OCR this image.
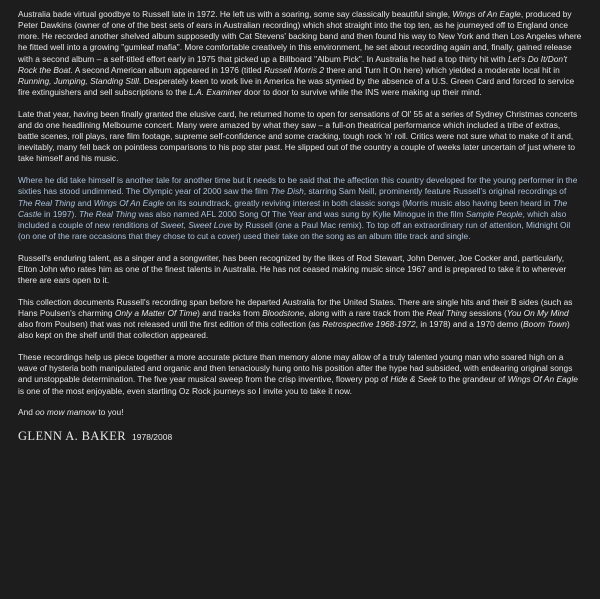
Australia bade virtual goodbye to Russell late in 1972. He left us with a soaring, some say classically beautiful single, Wings of An Eagle, produced by Peter Dawkins (owner of one of the best sets of ears in Australian recording) which shot straight into the top ten, as he journeyed off to England once more. He recorded another shelved album supposedly with Cat Stevens' backing band and then found his way to New York and then Los Angeles where he fitted well into a growing "gumleaf mafia". More comfortable creatively in this environment, he set about recording again and, finally, gained release with a second album – a self-titled effort early in 1975 that picked up a Billboard "Album Pick". In Australia he had a top thirty hit with Let's Do It/Don't Rock the Boat. A second American album appeared in 1976 (titled Russell Morris 2 there and Turn It On here) which yielded a moderate local hit in Running, Jumping, Standing Still. Desperately keen to work live in America he was stymied by the absence of a U.S. Green Card and forced to service fire extinguishers and sell subscriptions to the L.A. Examiner door to door to survive while the INS were making up their mind.

Late that year, having been finally granted the elusive card, he returned home to open for sensations of Ol' 55 at a series of Sydney Christmas concerts and do one headlining Melbourne concert. Many were amazed by what they saw – a full-on theatrical performance which included a tribe of extras, battle scenes, roll plays, rare film footage, supreme self-confidence and some cracking, tough rock 'n' roll. Critics were not sure what to make of it and, inevitably, many fell back on pointless comparisons to his pop star past. He slipped out of the country a couple of weeks later uncertain of just where to take himself and his music.

Where he did take himself is another tale for another time but it needs to be said that the affection this country developed for the young performer in the sixties has stood undimmed. The Olympic year of 2000 saw the film The Dish, starring Sam Neill, prominently feature Russell's original recordings of The Real Thing and Wings Of An Eagle on its soundtrack, greatly reviving interest in both classic songs (Morris music also having been heard in The Castle in 1997). The Real Thing was also named AFL 2000 Song Of The Year and was sung by Kylie Minogue in the film Sample People, which also included a couple of new renditions of Sweet, Sweet Love by Russell (one a Paul Mac remix). To top off an extraordinary run of attention, Midnight Oil (on one of the rare occasions that they chose to cut a cover) used their take on the song as an album title track and single.

Russell's enduring talent, as a singer and a songwriter, has been recognized by the likes of Rod Stewart, John Denver, Joe Cocker and, particularly, Elton John who rates him as one of the finest talents in Australia. He has not ceased making music since 1967 and is prepared to take it to wherever there are ears open to it.

This collection documents Russell's recording span before he departed Australia for the United States. There are single hits and their B sides (such as Hans Poulsen's charming Only a Matter Of Time) and tracks from Bloodstone, along with a rare track from the Real Thing sessions (You On My Mind also from Poulsen) that was not released until the first edition of this collection (as Retrospective 1968-1972, in 1978) and a 1970 demo (Boom Town) also kept on the shelf until that collection appeared.

These recordings help us piece together a more accurate picture than memory alone may allow of a truly talented young man who soared high on a wave of hysteria both manipulated and organic and then tenaciously hung onto his position after the hype had subsided, with endearing original songs and unstoppable determination. The five year musical sweep from the crisp inventive, flowery pop of Hide & Seek to the grandeur of Wings Of An Eagle is one of the most enjoyable, even startling Oz Rock journeys so I invite you to take it now.

And oo mow mamow to you!

GLENN A. BAKER 1978/2008
